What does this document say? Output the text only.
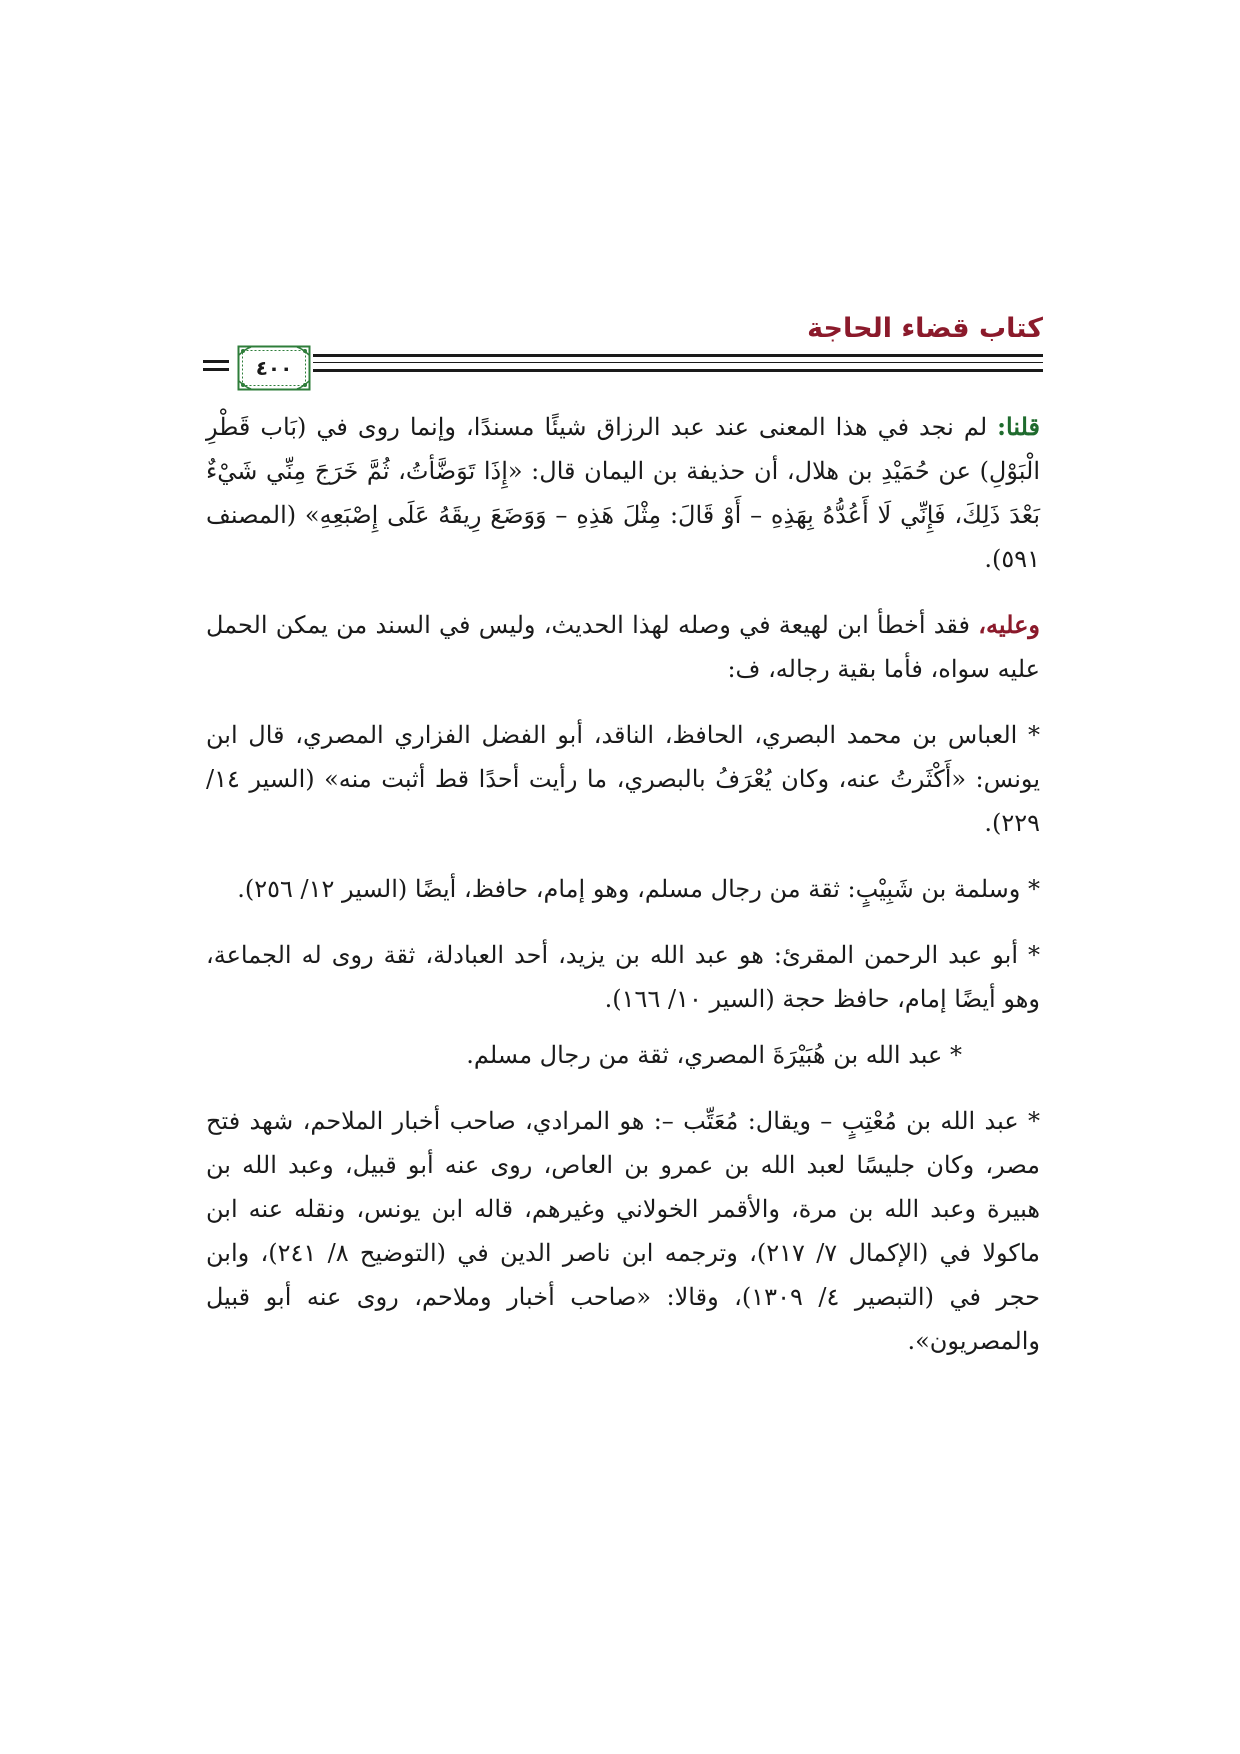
كتاب قضاء الحاجة
٤٠٠

قلنا: لم نجد في هذا المعنى عند عبد الرزاق شيئًا مسندًا، وإنما روى في (بَاب قَطْرِ الْبَوْلِ) عن حُمَيْدِ بن هلال، أن حذيفة بن اليمان قال: «إِذَا تَوَضَّأتُ، ثُمَّ خَرَجَ مِنِّي شَيْءٌ بَعْدَ ذَلِكَ، فَإِنِّي لَا أَعُدُّهُ بِهَذِهِ – أَوْ قَالَ: مِثْلَ هَذِهِ – وَوَضَعَ رِيقَهُ عَلَى إِصْبَعِهِ» (المصنف ٥٩١).

وعليه، فقد أخطأ ابن لهيعة في وصله لهذا الحديث، وليس في السند من يمكن الحمل عليه سواه، فأما بقية رجاله، ف:

* العباس بن محمد البصري، الحافظ، الناقد، أبو الفضل الفزاري المصري، قال ابن يونس: «أَكْثَرتُ عنه، وكان يُعْرَفُ بالبصري، ما رأيت أحدًا قط أثبت منه» (السير ١٤/ ٢٢٩).

* وسلمة بن شَبِيْبٍ: ثقة من رجال مسلم، وهو إمام، حافظ، أيضًا (السير ١٢/ ٢٥٦).

* أبو عبد الرحمن المقرئ: هو عبد الله بن يزيد، أحد العبادلة، ثقة روى له الجماعة، وهو أيضًا إمام، حافظ حجة (السير ١٠/ ١٦٦).

* عبد الله بن هُبَيْرَةَ المصري، ثقة من رجال مسلم.

* عبد الله بن مُعْتِبٍ – ويقال: مُعَتِّب –: هو المرادي، صاحب أخبار الملاحم، شهد فتح مصر، وكان جليسًا لعبد الله بن عمرو بن العاص، روى عنه أبو قبيل، وعبد الله بن هبيرة وعبد الله بن مرة، والأقمر الخولاني وغيرهم، قاله ابن يونس، ونقله عنه ابن ماكولا في (الإكمال ٧/ ٢١٧)، وترجمه ابن ناصر الدين في (التوضيح ٨/ ٢٤١)، وابن حجر في (التبصير ٤/ ١٣٠٩)، وقالا: «صاحب أخبار وملاحم، روى عنه أبو قبيل والمصريون».
